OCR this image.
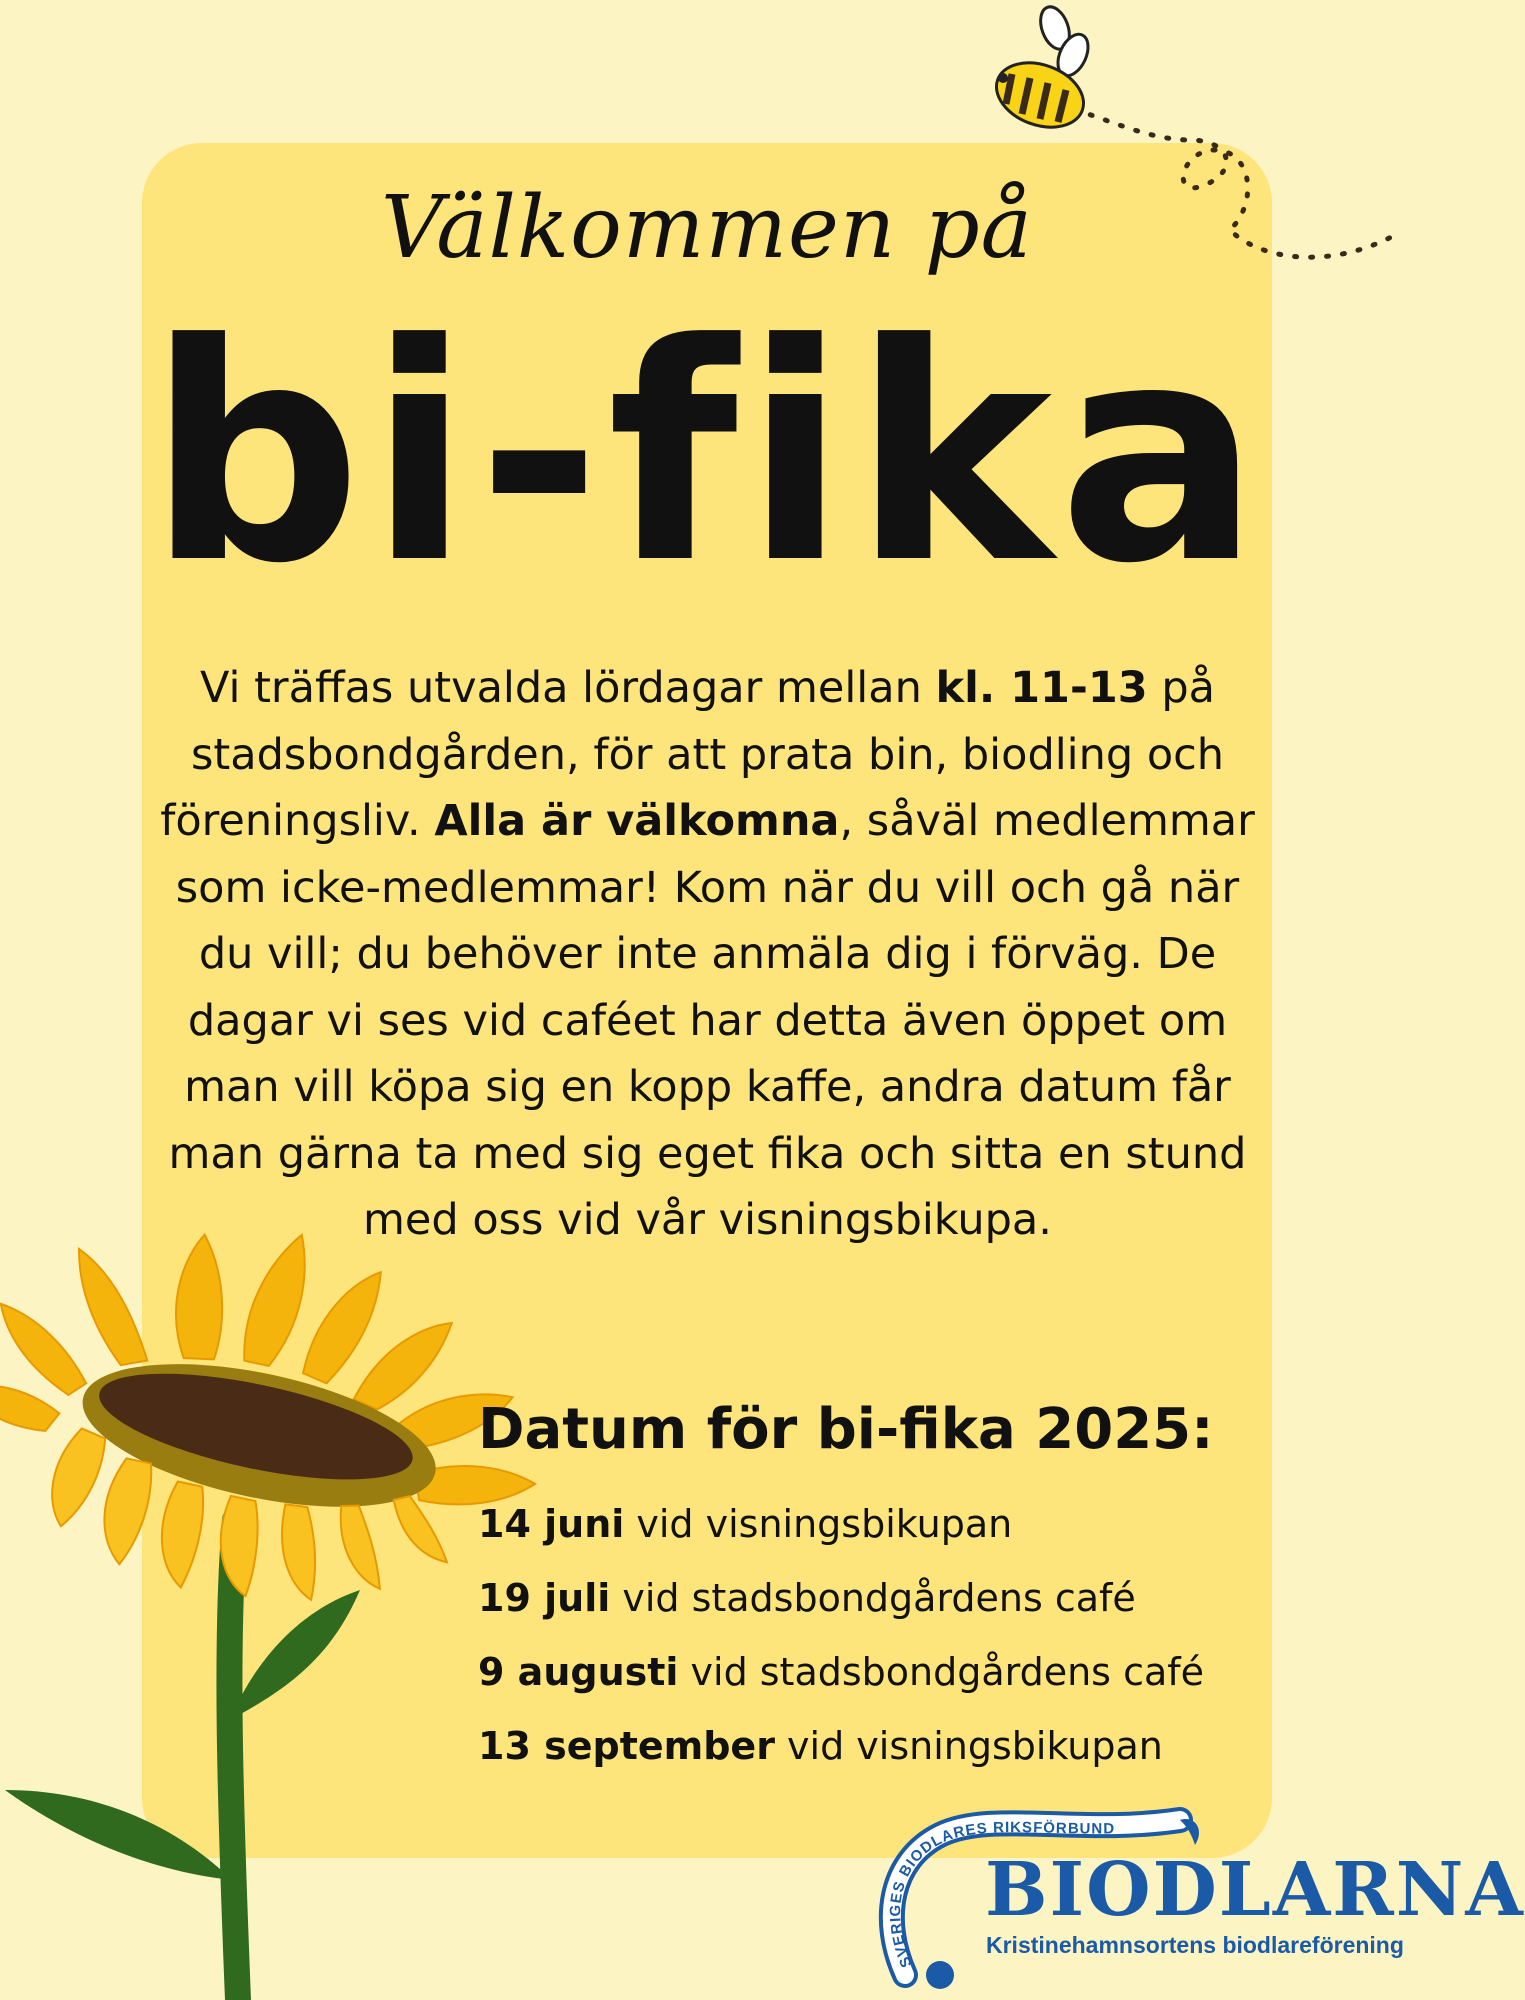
SVERIGES BIODLARES RIKSFÖRBUND
Välkommen på
bi-fika
Vi träffas utvalda lördagar mellan kl. 11-13 på stadsbondgården, för att prata bin, biodling och föreningsliv. Alla är välkomna, såväl medlemmar som icke-medlemmar! Kom när du vill och gå när du vill; du behöver inte anmäla dig i förväg. De dagar vi ses vid caféet har detta även öppet om man vill köpa sig en kopp kaffe, andra datum får man gärna ta med sig eget fika och sitta en stund med oss vid vår visningsbikupa.
Datum för bi-fika 2025:
14 juni vid visningsbikupan
19 juli vid stadsbondgårdens café
9 augusti vid stadsbondgårdens café
13 september vid visningsbikupan
BIODLARNA
Kristinehamnsortens biodlareförening
